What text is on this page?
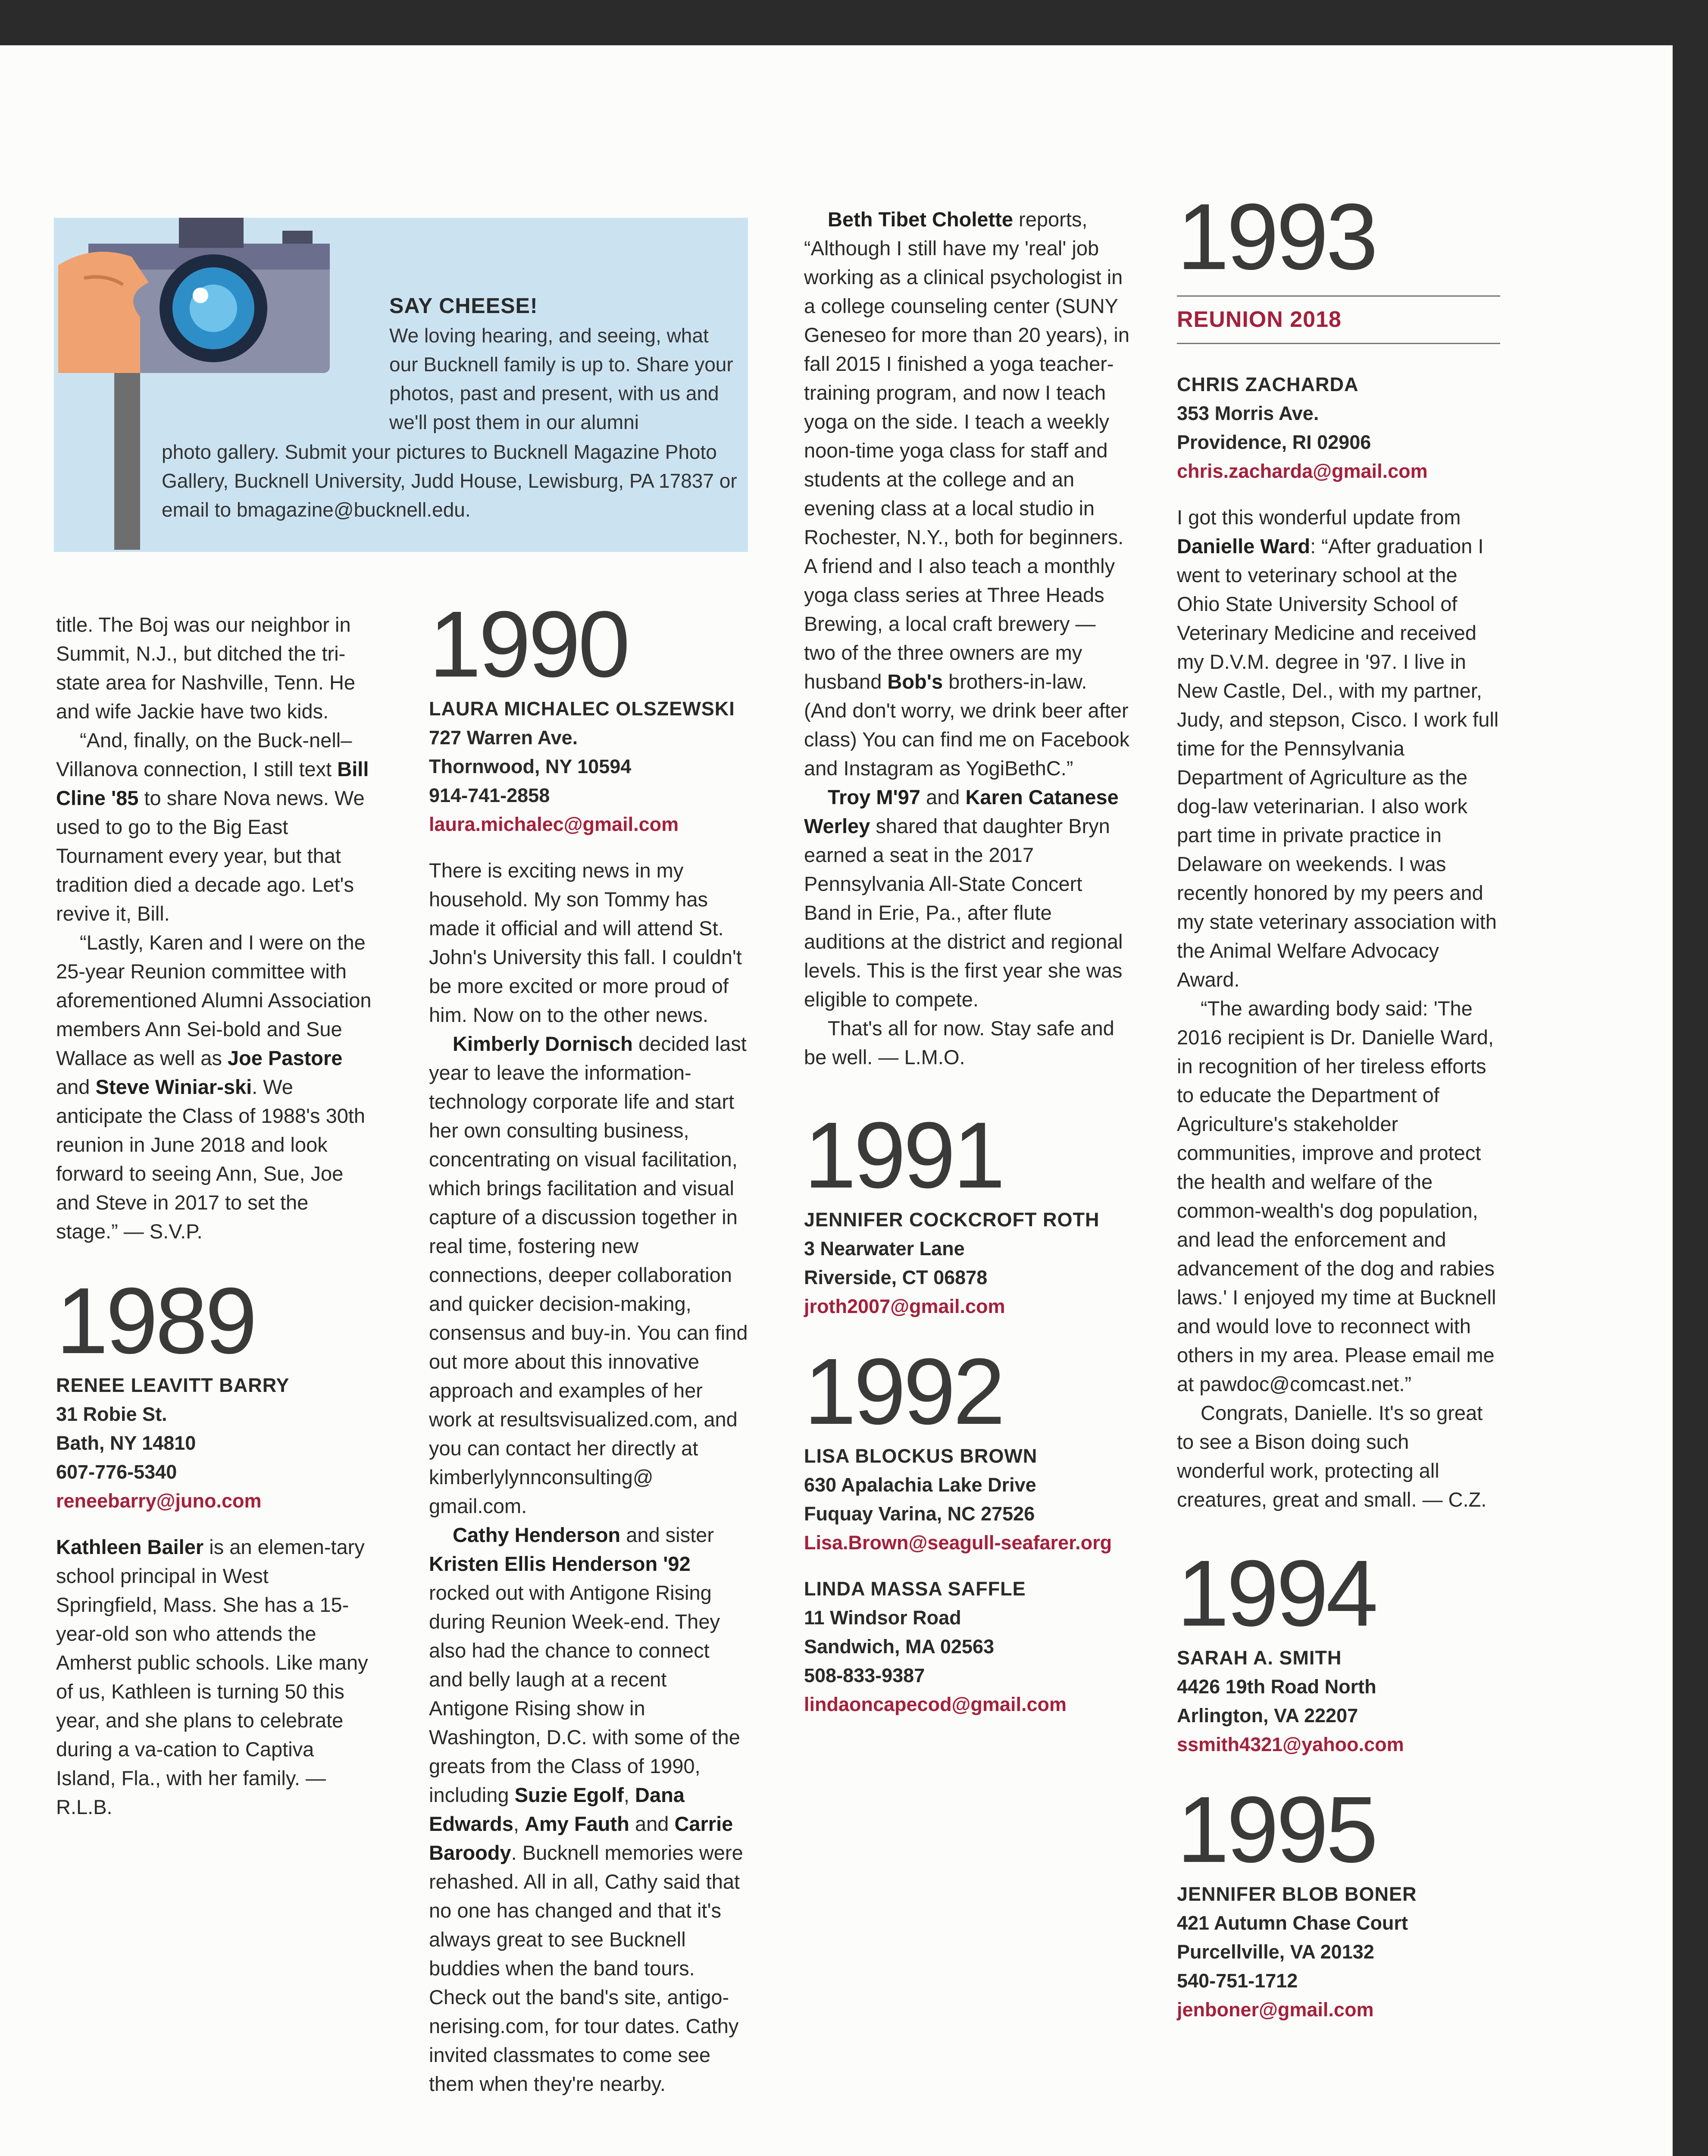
SAY CHEESE!
We loving hearing, and seeing, what our Bucknell family is up to. Share your photos, past and present, with us and we'll post them in our alumni
photo gallery. Submit your pictures to Bucknell Magazine Photo Gallery, Bucknell University, Judd House, Lewisburg, PA 17837 or email to bmagazine@bucknell.edu.

title. The Boj was our neighbor in Summit, N.J., but ditched the tri-state area for Nashville, Tenn. He and wife Jackie have two kids.

“And, finally, on the Buck-nell–Villanova connection, I still text Bill Cline '85 to share Nova news. We used to go to the Big East Tournament every year, but that tradition died a decade ago. Let's revive it, Bill.

“Lastly, Karen and I were on the 25-year Reunion committee with aforementioned Alumni Association members Ann Sei-bold and Sue Wallace as well as Joe Pastore and Steve Winiar-ski. We anticipate the Class of 1988's 30th reunion in June 2018 and look forward to seeing Ann, Sue, Joe and Steve in 2017 to set the stage.” — S.V.P.

1989
RENEE LEAVITT BARRY
31 Robie St.
Bath, NY 14810
607-776-5340
reneebarry@juno.com

Kathleen Bailer is an elemen-tary school principal in West Springfield, Mass. She has a 15-year-old son who attends the Amherst public schools. Like many of us, Kathleen is turning 50 this year, and she plans to celebrate during a va-cation to Captiva Island, Fla., with her family. — R.L.B.

1990
LAURA MICHALEC OLSZEWSKI
727 Warren Ave.
Thornwood, NY 10594
914-741-2858
laura.michalec@gmail.com

There is exciting news in my household. My son Tommy has made it official and will attend St. John's University this fall. I couldn't be more excited or more proud of him. Now on to the other news.

Kimberly Dornisch decided last year to leave the information-technology corporate life and start her own consulting business, concentrating on visual facilitation, which brings facilitation and visual capture of a discussion together in real time, fostering new connections, deeper collaboration and quicker decision-making, consensus and buy-in. You can find out more about this innovative approach and examples of her work at resultsvisualized.com, and you can contact her directly at kimberlylynnconsulting@ gmail.com.

Cathy Henderson and sister Kristen Ellis Henderson '92 rocked out with Antigone Rising during Reunion Week-end. They also had the chance to connect and belly laugh at a recent Antigone Rising show in Washington, D.C. with some of the greats from the Class of 1990, including Suzie Egolf, Dana Edwards, Amy Fauth and Carrie Baroody. Bucknell memories were rehashed. All in all, Cathy said that no one has changed and that it's always great to see Bucknell buddies when the band tours. Check out the band's site, antigo-nerising.com, for tour dates. Cathy invited classmates to come see them when they're nearby.

Beth Tibet Cholette reports, “Although I still have my 'real' job working as a clinical psychologist in a college counseling center (SUNY Geneseo for more than 20 years), in fall 2015 I finished a yoga teacher-training program, and now I teach yoga on the side. I teach a weekly noon-time yoga class for staff and students at the college and an evening class at a local studio in Rochester, N.Y., both for beginners. A friend and I also teach a monthly yoga class series at Three Heads Brewing, a local craft brewery — two of the three owners are my husband Bob's brothers-in-law. (And don't worry, we drink beer after class) You can find me on Facebook and Instagram as YogiBethC.”

Troy M'97 and Karen Catanese Werley shared that daughter Bryn earned a seat in the 2017 Pennsylvania All-State Concert Band in Erie, Pa., after flute auditions at the district and regional levels. This is the first year she was eligible to compete.

That's all for now. Stay safe and be well. — L.M.O.

1991
JENNIFER COCKCROFT ROTH
3 Nearwater Lane
Riverside, CT 06878
jroth2007@gmail.com
1992
LISA BLOCKUS BROWN
630 Apalachia Lake Drive
Fuquay Varina, NC 27526
Lisa.Brown@seagull-seafarer.org
LINDA MASSA SAFFLE
11 Windsor Road
Sandwich, MA 02563
508-833-9387
lindaoncapecod@gmail.com
1993
REUNION 2018
CHRIS ZACHARDA
353 Morris Ave.
Providence, RI 02906
chris.zacharda@gmail.com

I got this wonderful update from Danielle Ward: “After graduation I went to veterinary school at the Ohio State University School of Veterinary Medicine and received my D.V.M. degree in '97. I live in New Castle, Del., with my partner, Judy, and stepson, Cisco. I work full time for the Pennsylvania Department of Agriculture as the dog-law veterinarian. I also work part time in private practice in Delaware on weekends. I was recently honored by my peers and my state veterinary association with the Animal Welfare Advocacy Award.

“The awarding body said: 'The 2016 recipient is Dr. Danielle Ward, in recognition of her tireless efforts to educate the Department of Agriculture's stakeholder communities, improve and protect the health and welfare of the common-wealth's dog population, and lead the enforcement and advancement of the dog and rabies laws.' I enjoyed my time at Bucknell and would love to reconnect with others in my area. Please email me at pawdoc@comcast.net.”

Congrats, Danielle. It's so great to see a Bison doing such wonderful work, protecting all creatures, great and small. — C.Z.

1994
SARAH A. SMITH
4426 19th Road North
Arlington, VA 22207
ssmith4321@yahoo.com
1995
JENNIFER BLOB BONER
421 Autumn Chase Court
Purcellville, VA 20132
540-751-1712
jenboner@gmail.com
